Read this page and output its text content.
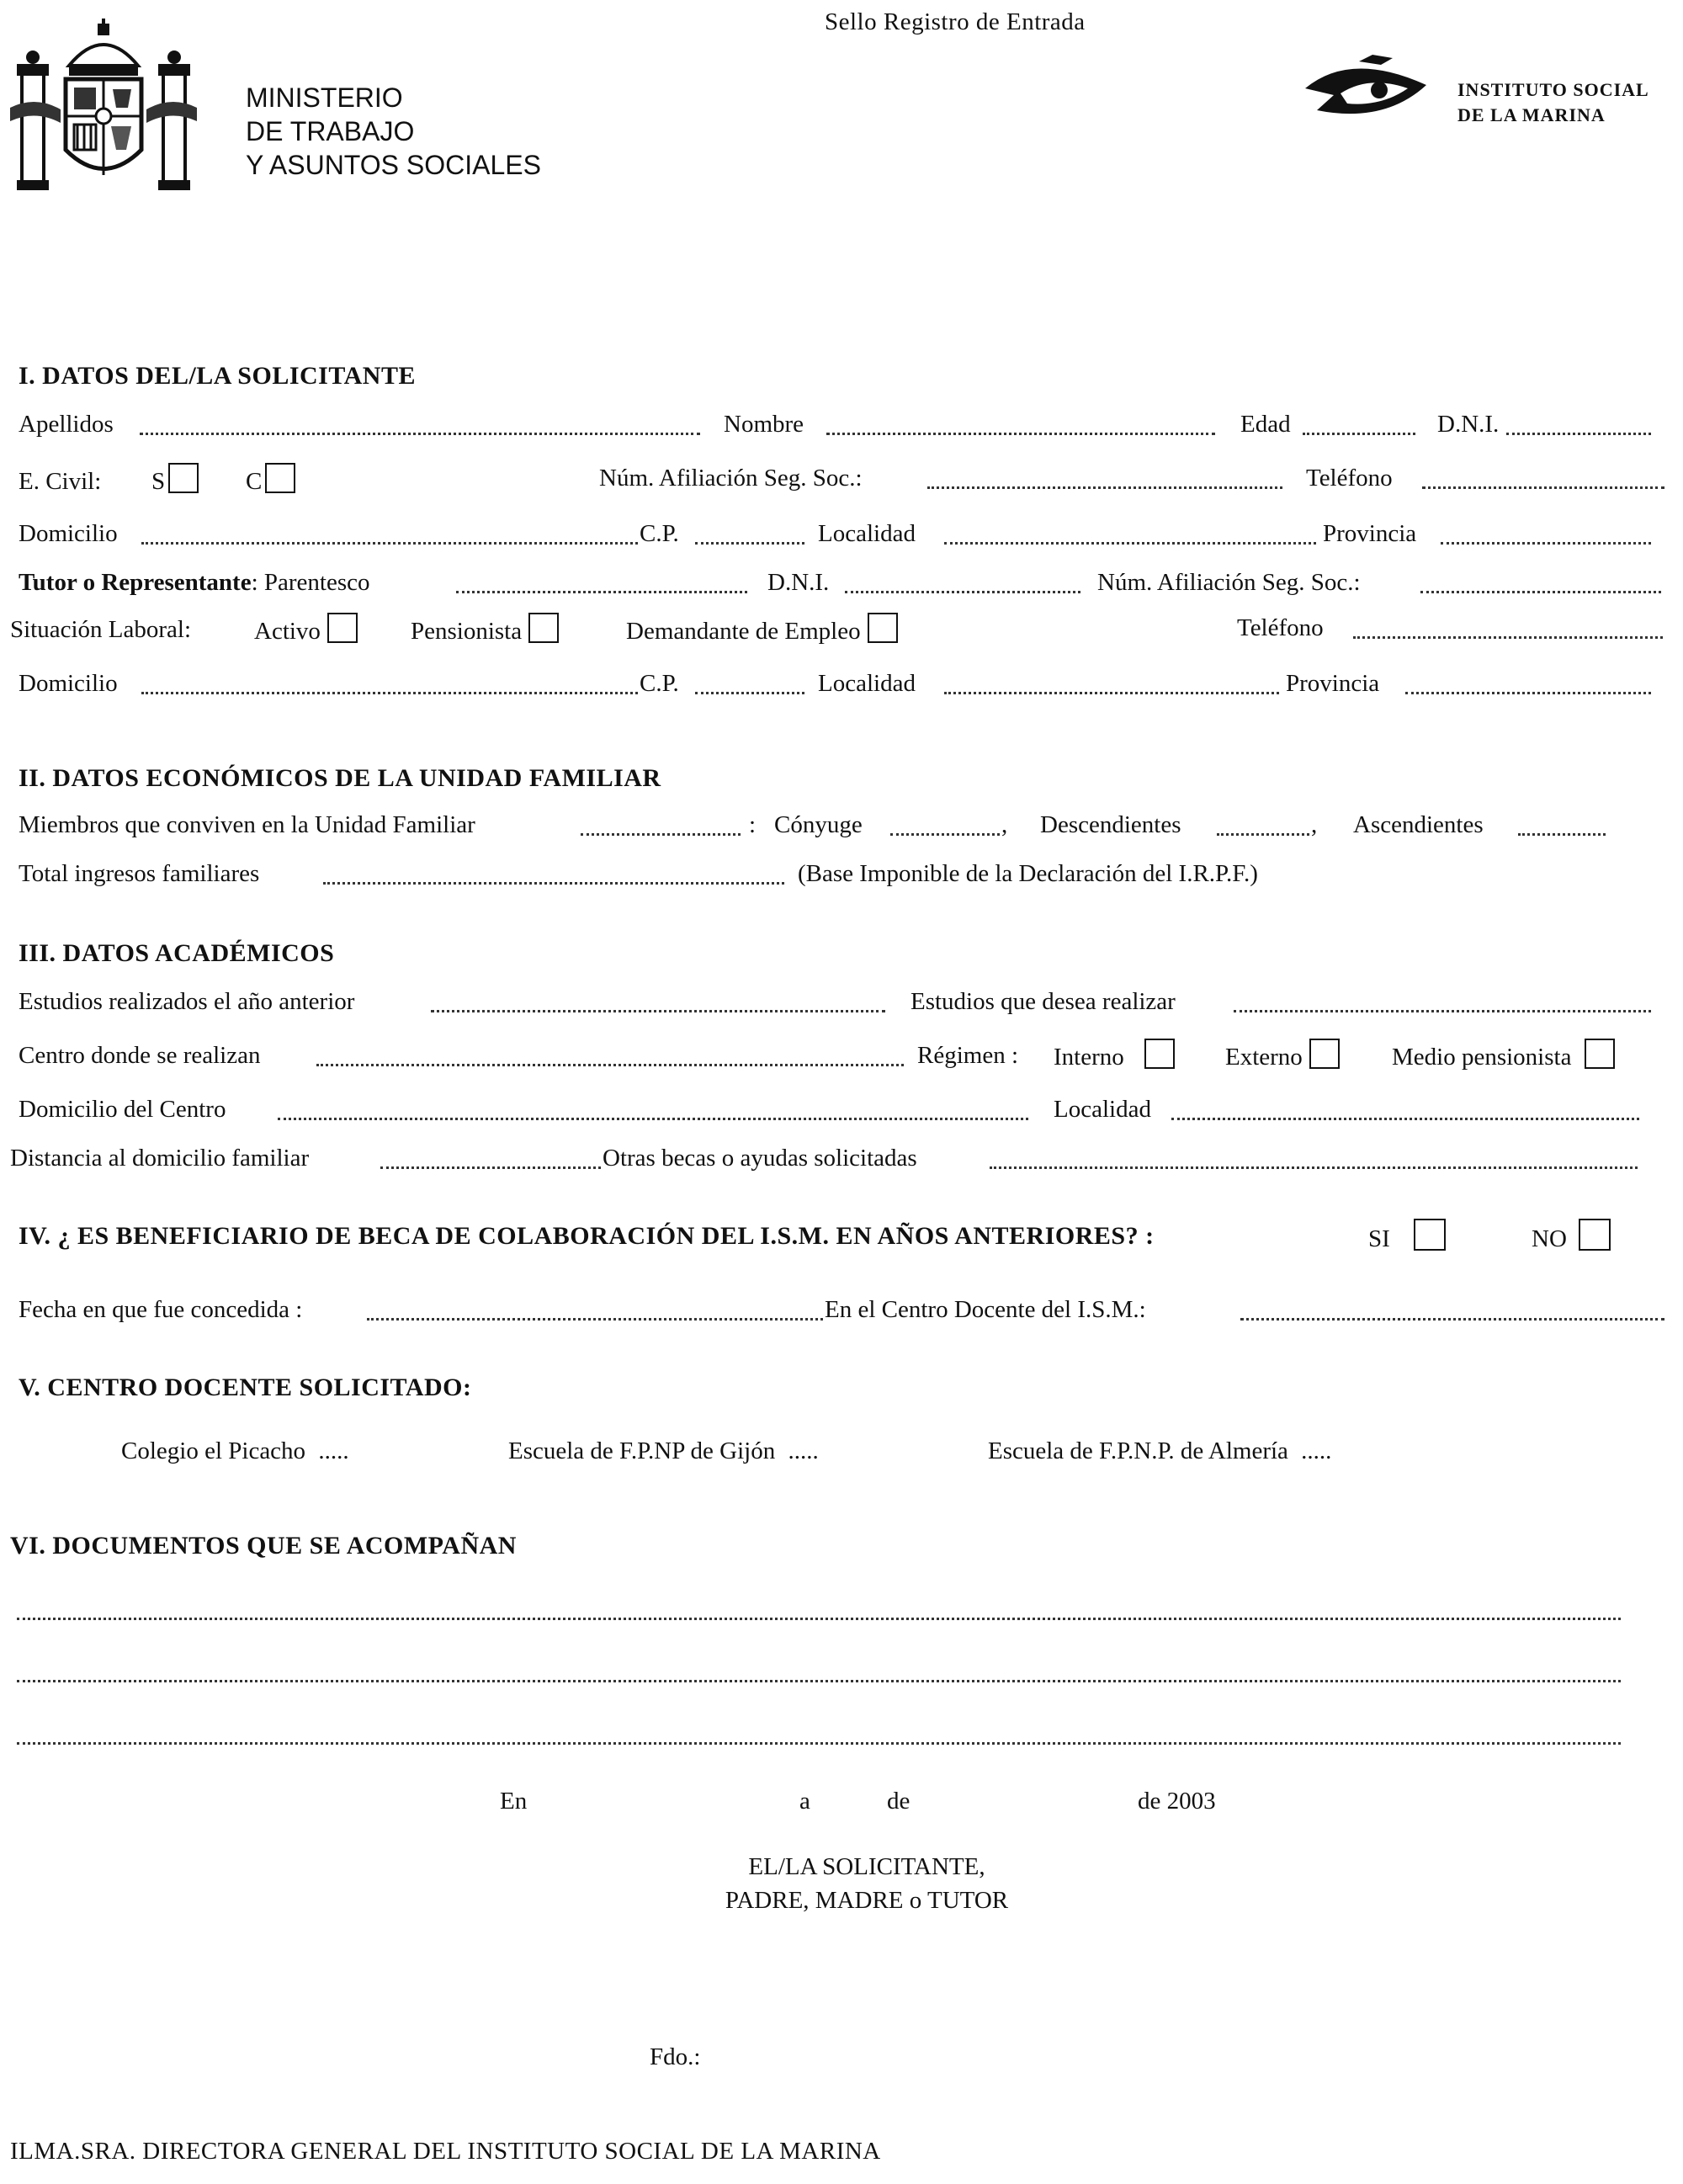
MINISTERIO
DE TRABAJO
Y ASUNTOS SOCIALES
Sello Registro de Entrada
INSTITUTO SOCIAL
DE LA MARINA
I. DATOS DEL/LA SOLICITANTE
Apellidos	Nombre	Edad	D.N.I.
E. Civil: S	C	Núm. Afiliación Seg. Soc.:	Teléfono
Domicilio	C.P.	Localidad	Provincia
Tutor o Representante: Parentesco	D.N.I.	Núm. Afiliación Seg. Soc.:
Situación Laboral:	Activo	Pensionista	Demandante de Empleo	Teléfono
Domicilio	C.P.	Localidad	Provincia
II. DATOS ECONÓMICOS DE LA UNIDAD FAMILIAR
Miembros que conviven en la Unidad Familiar	: Cónyuge	, Descendientes	, Ascendientes
Total ingresos familiares	(Base Imponible de la Declaración del I.R.P.F.)
III. DATOS ACADÉMICOS
Estudios realizados el año anterior	Estudios que desea realizar
Centro donde se realizan	Régimen : Interno	Externo	Medio pensionista
Domicilio del Centro	Localidad
Distancia al domicilio familiar	Otras becas o ayudas solicitadas
IV. ¿ ES BENEFICIARIO DE BECA DE COLABORACIÓN DEL I.S.M. EN AÑOS ANTERIORES? :	SI	NO
Fecha en que fue concedida :	En el Centro Docente del I.S.M.:
V. CENTRO DOCENTE SOLICITADO:
Colegio el Picacho .....	Escuela de F.P.NP de Gijón .....	Escuela de F.P.N.P. de Almería .....
VI. DOCUMENTOS QUE SE ACOMPAÑAN
En	a	de	de 2003
EL/LA SOLICITANTE,
PADRE, MADRE o TUTOR
Fdo.:
ILMA.SRA. DIRECTORA GENERAL DEL INSTITUTO SOCIAL DE LA MARINA
